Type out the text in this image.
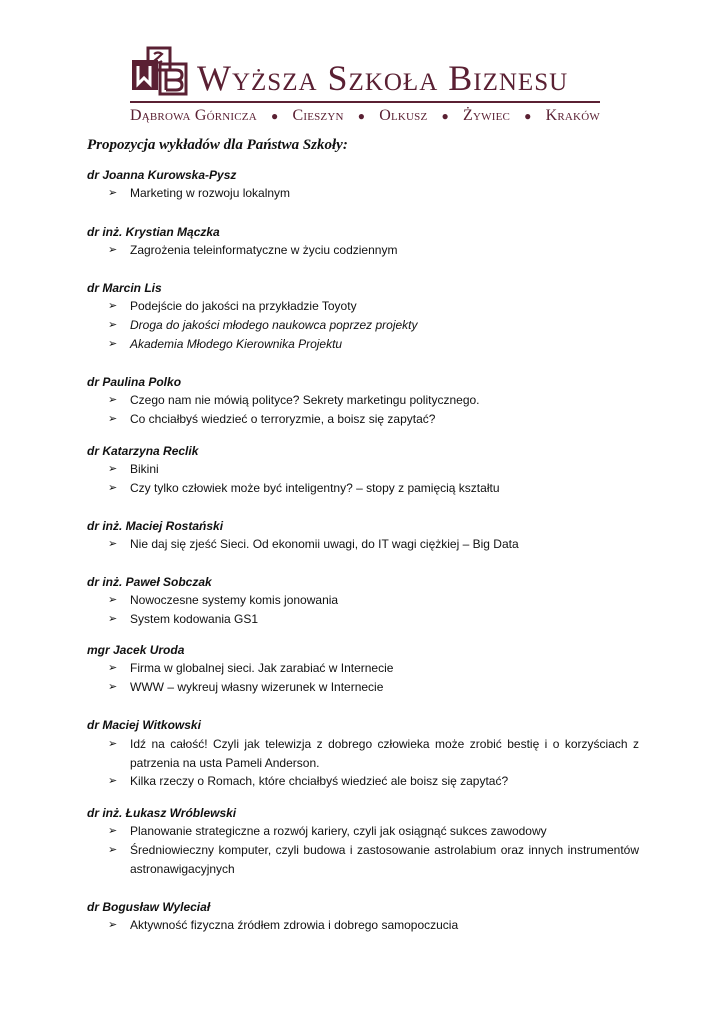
Wyższa Szkoła Biznesu
Dąbrowa Górnicza ● Cieszyn ● Olkusz ● Żywiec ● Kraków
Propozycja wykładów dla Państwa Szkoły:
dr Joanna Kurowska-Pysz
➢	Marketing w rozwoju lokalnym
dr inż. Krystian Mączka
➢	Zagrożenia teleinformatyczne w życiu codziennym
dr Marcin Lis
➢	Podejście do jakości na przykładzie Toyoty
➢	Droga do jakości młodego naukowca poprzez projekty
➢	Akademia Młodego Kierownika Projektu
dr Paulina Polko
➢	Czego nam nie mówią polityce? Sekrety marketingu politycznego.
➢	Co chciałbyś wiedzieć o terroryzmie, a boisz się zapytać?
dr Katarzyna Reclik
➢	Bikini
➢	Czy tylko człowiek może być inteligentny? – stopy z pamięcią kształtu
dr inż. Maciej Rostański
➢	Nie daj się zjeść Sieci. Od ekonomii uwagi, do IT wagi ciężkiej – Big Data
dr inż. Paweł Sobczak
➢	Nowoczesne systemy komis jonowania
➢	System kodowania GS1
mgr Jacek Uroda
➢	Firma w globalnej sieci. Jak zarabiać w Internecie
➢	WWW – wykreuj własny wizerunek w Internecie
dr Maciej Witkowski
➢	Idź na całość! Czyli jak telewizja z dobrego człowieka może zrobić bestię i o korzyściach z patrzenia na usta Pameli Anderson.
➢	Kilka rzeczy o Romach, które chciałbyś wiedzieć ale boisz się zapytać?
dr inż. Łukasz Wróblewski
➢	Planowanie strategiczne a rozwój kariery, czyli jak osiągnąć sukces zawodowy
➢	Średniowieczny komputer, czyli budowa i zastosowanie astrolabium oraz innych instrumentów astronawigacyjnych
dr Bogusław Wyleciał
➢	Aktywność fizyczna źródłem zdrowia i dobrego samopoczucia
